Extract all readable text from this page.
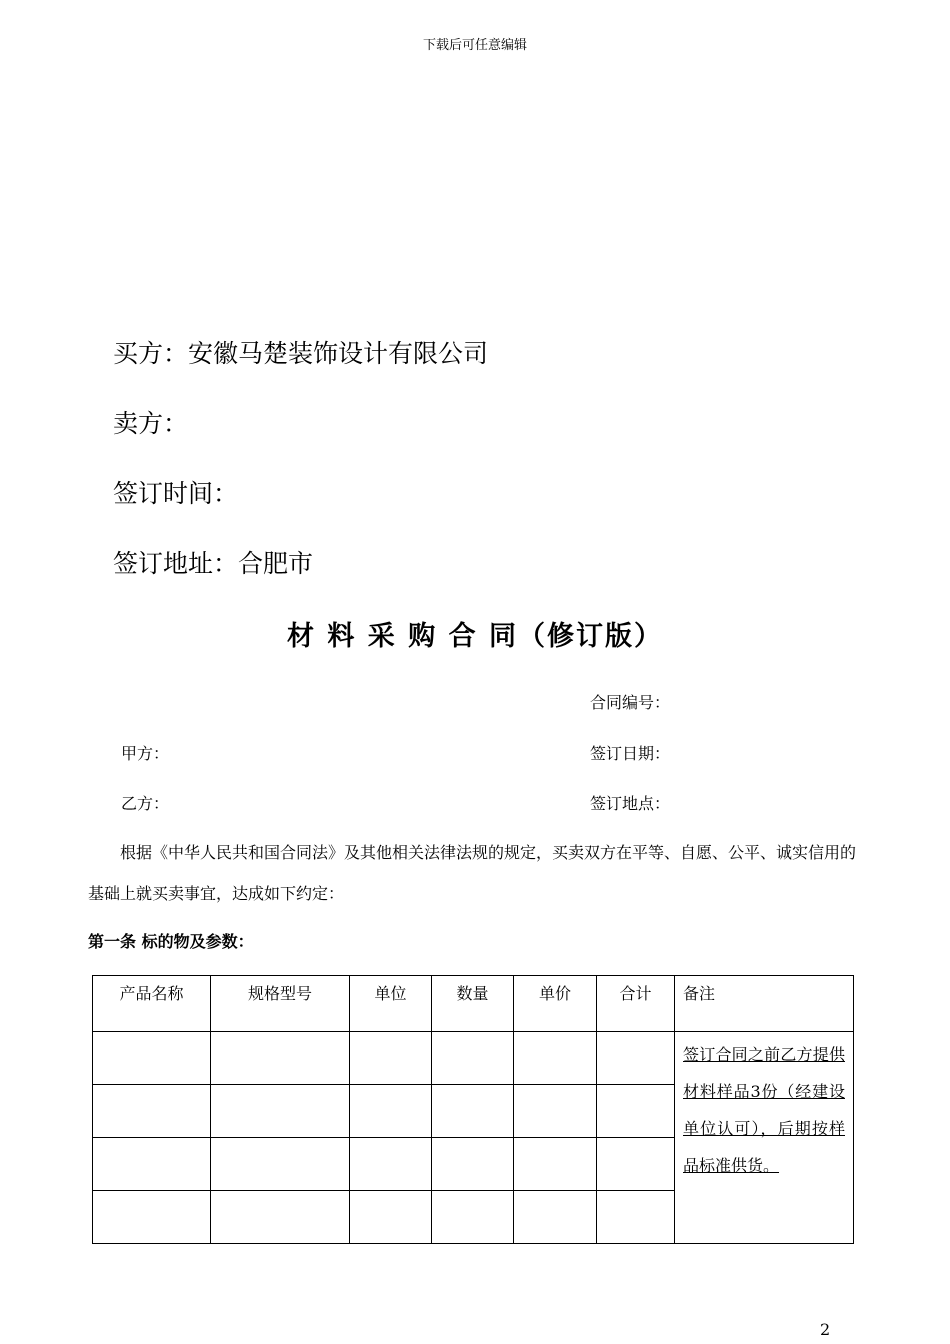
下载后可任意编辑
买方：安徽马楚装饰设计有限公司
卖方：
签订时间：
签订地址：合肥市
材 料 采 购 合 同（修订版）
合同编号：
甲方：	签订日期：
乙方：	签订地点：
根据《中华人民共和国合同法》及其他相关法律法规的规定，买卖双方在平等、自愿、公平、诚实信用的基础上就买卖事宜，达成如下约定：
第一条 标的物及参数：
产品名称	规格型号	单位	数量	单价	合计	备注
						签订合同之前乙方提供材料样品3份（经建设单位认可），后期按样品标准供货。

2
